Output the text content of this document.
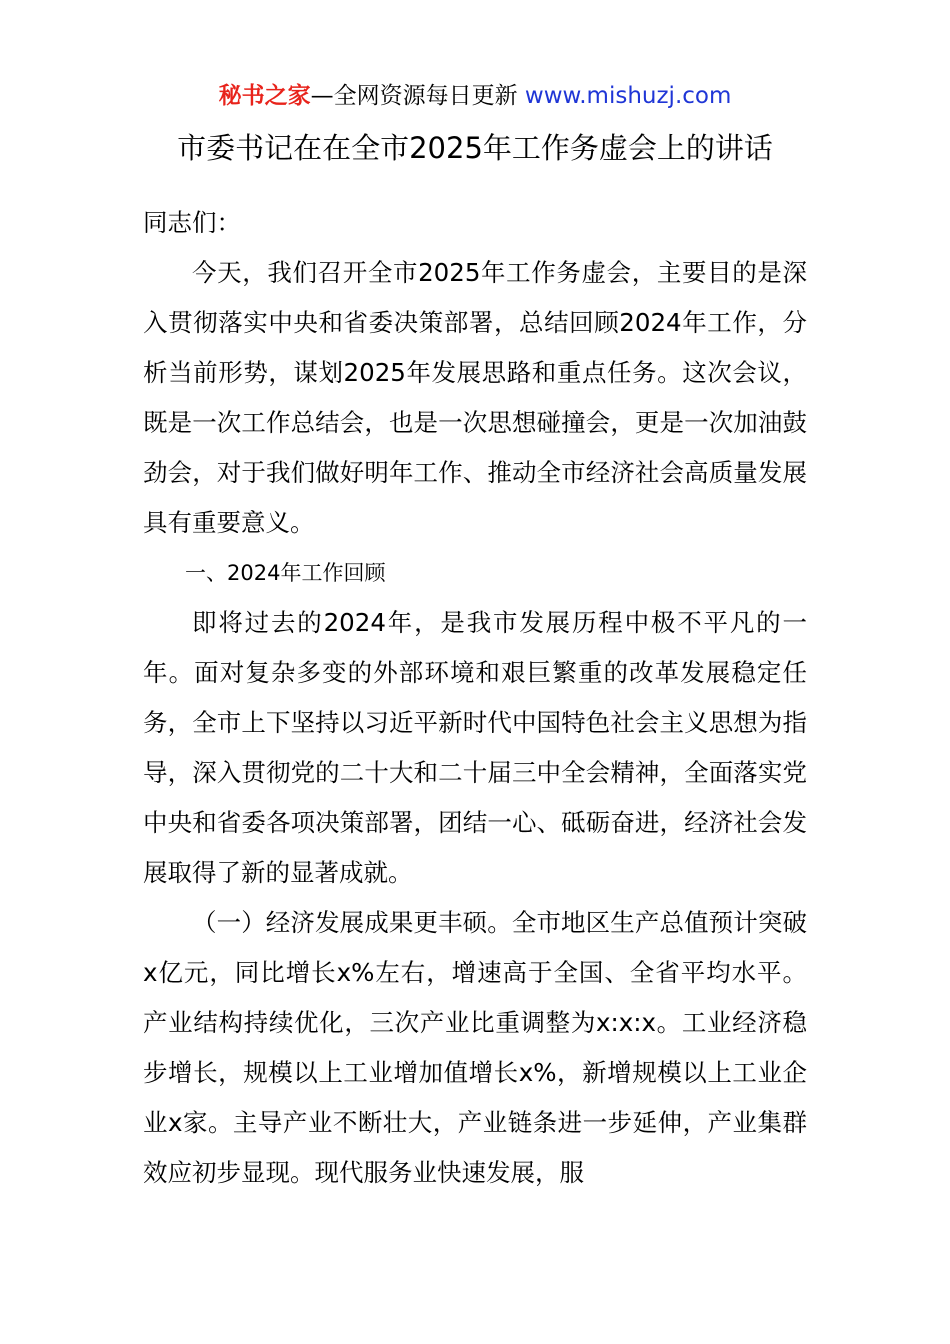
秘书之家—全网资源每日更新 www.mishuzj.com
市委书记在在全市2025年工作务虚会上的讲话

同志们：

今天，我们召开全市2025年工作务虚会，主要目的是深入贯彻落实中央和省委决策部署，总结回顾2024年工作，分析当前形势，谋划2025年发展思路和重点任务。这次会议，既是一次工作总结会，也是一次思想碰撞会，更是一次加油鼓劲会，对于我们做好明年工作、推动全市经济社会高质量发展具有重要意义。

一、2024年工作回顾

即将过去的2024年，是我市发展历程中极不平凡的一年。面对复杂多变的外部环境和艰巨繁重的改革发展稳定任务，全市上下坚持以习近平新时代中国特色社会主义思想为指导，深入贯彻党的二十大和二十届三中全会精神，全面落实党中央和省委各项决策部署，团结一心、砥砺奋进，经济社会发展取得了新的显著成就。

（一）经济发展成果更丰硕。全市地区生产总值预计突破x亿元，同比增长x%左右，增速高于全国、全省平均水平。产业结构持续优化，三次产业比重调整为x:x:x。工业经济稳步增长，规模以上工业增加值增长x%，新增规模以上工业企业x家。主导产业不断壮大，产业链条进一步延伸，产业集群效应初步显现。现代服务业快速发展，服
